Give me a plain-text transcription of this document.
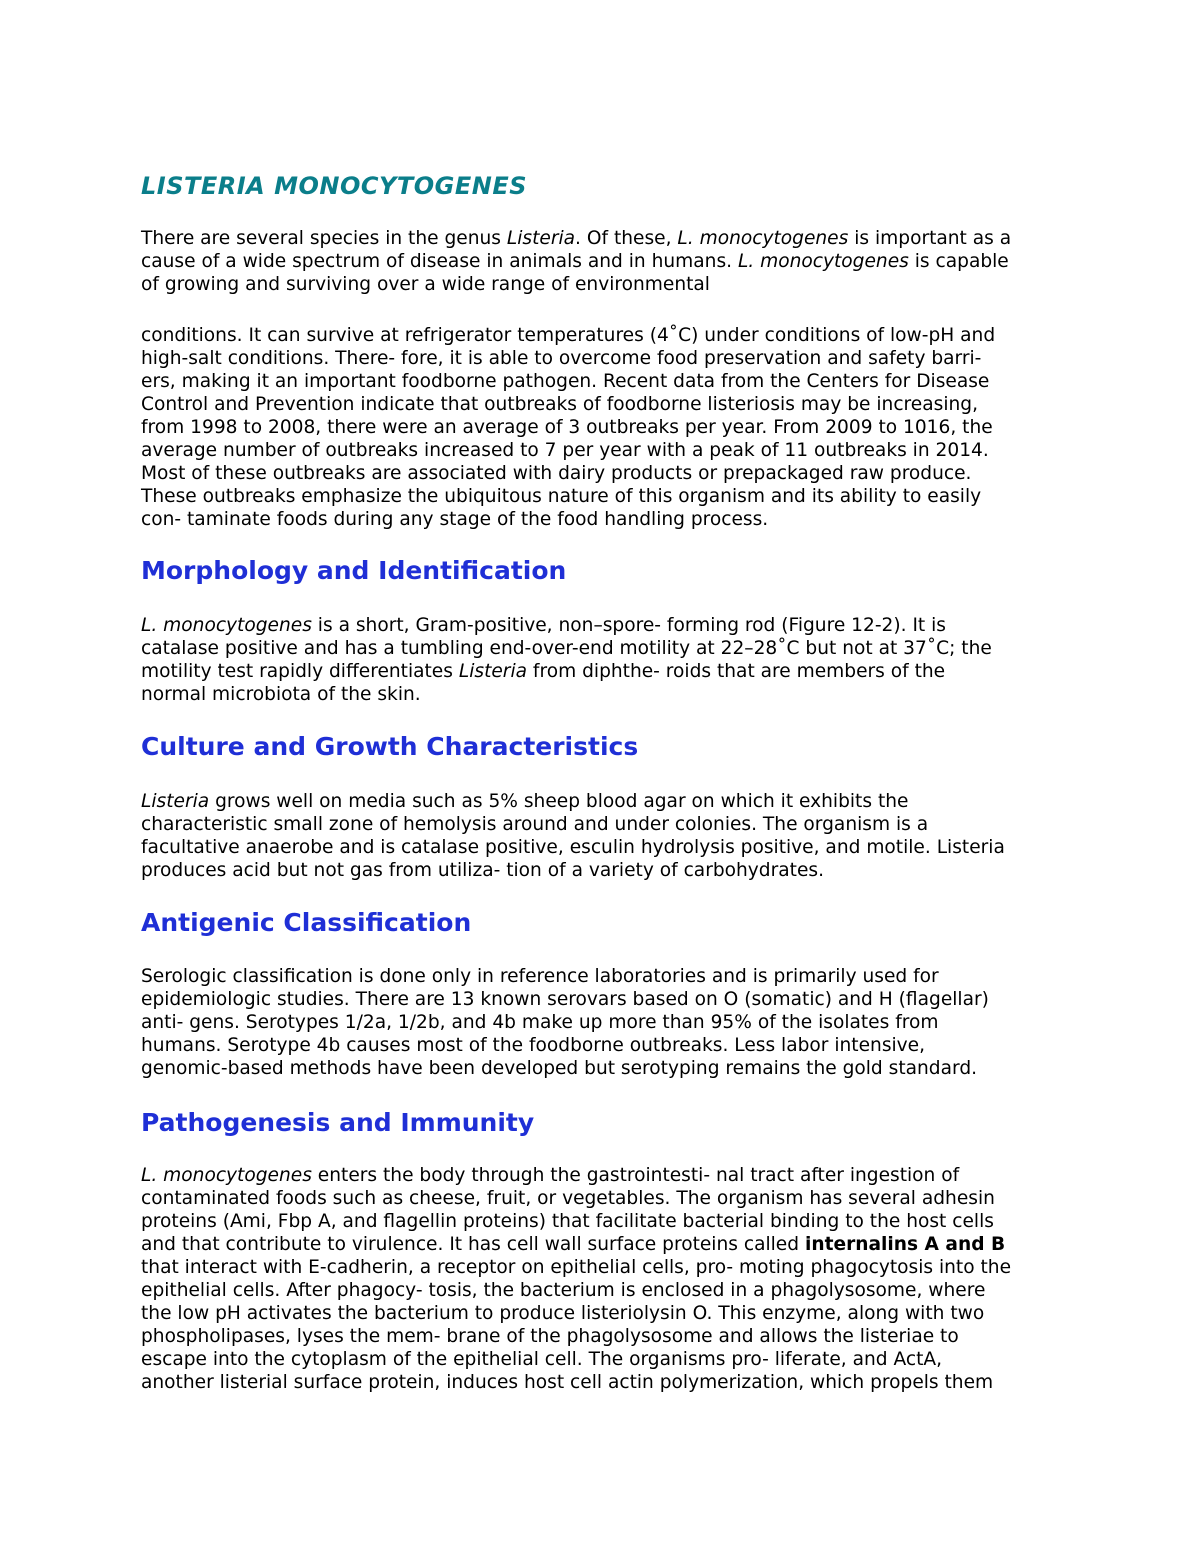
LISTERIA MONOCYTOGENES

There are several species in the genus Listeria. Of these, L. monocytogenes is important as a
cause of a wide spectrum of disease in animals and in humans. L. monocytogenes is capable
of growing and surviving over a wide range of environmental

conditions. It can survive at refrigerator temperatures (4˚C) under conditions of low-pH and
high-salt conditions. There- fore, it is able to overcome food preservation and safety barri-
ers, making it an important foodborne pathogen. Recent data from the Centers for Disease
Control and Prevention indicate that outbreaks of foodborne listeriosis may be increasing,
from 1998 to 2008, there were an average of 3 outbreaks per year. From 2009 to 1016, the
average number of outbreaks increased to 7 per year with a peak of 11 outbreaks in 2014.
Most of these outbreaks are associated with dairy products or prepackaged raw produce.
These outbreaks emphasize the ubiquitous nature of this organism and its ability to easily
con- taminate foods during any stage of the food handling process.

Morphology and Identification

L. monocytogenes is a short, Gram-positive, non–spore- forming rod (Figure 12-2). It is
catalase positive and has a tumbling end-over-end motility at 22–28˚C but not at 37˚C; the
motility test rapidly differentiates Listeria from diphthe- roids that are members of the
normal microbiota of the skin.

Culture and Growth Characteristics

Listeria grows well on media such as 5% sheep blood agar on which it exhibits the
characteristic small zone of hemolysis around and under colonies. The organism is a
facultative anaerobe and is catalase positive, esculin hydrolysis positive, and motile. Listeria
produces acid but not gas from utiliza- tion of a variety of carbohydrates.

Antigenic Classification

Serologic classification is done only in reference laboratories and is primarily used for
epidemiologic studies. There are 13 known serovars based on O (somatic) and H (flagellar)
anti- gens. Serotypes 1/2a, 1/2b, and 4b make up more than 95% of the isolates from
humans. Serotype 4b causes most of the foodborne outbreaks. Less labor intensive,
genomic-based methods have been developed but serotyping remains the gold standard.

Pathogenesis and Immunity

L. monocytogenes enters the body through the gastrointesti- nal tract after ingestion of
contaminated foods such as cheese, fruit, or vegetables. The organism has several adhesin
proteins (Ami, Fbp A, and flagellin proteins) that facilitate bacterial binding to the host cells
and that contribute to virulence. It has cell wall surface proteins called internalins A and B
that interact with E-cadherin, a receptor on epithelial cells, pro- moting phagocytosis into the
epithelial cells. After phagocy- tosis, the bacterium is enclosed in a phagolysosome, where
the low pH activates the bacterium to produce listeriolysin O. This enzyme, along with two
phospholipases, lyses the mem- brane of the phagolysosome and allows the listeriae to
escape into the cytoplasm of the epithelial cell. The organisms pro- liferate, and ActA,
another listerial surface protein, induces host cell actin polymerization, which propels them
